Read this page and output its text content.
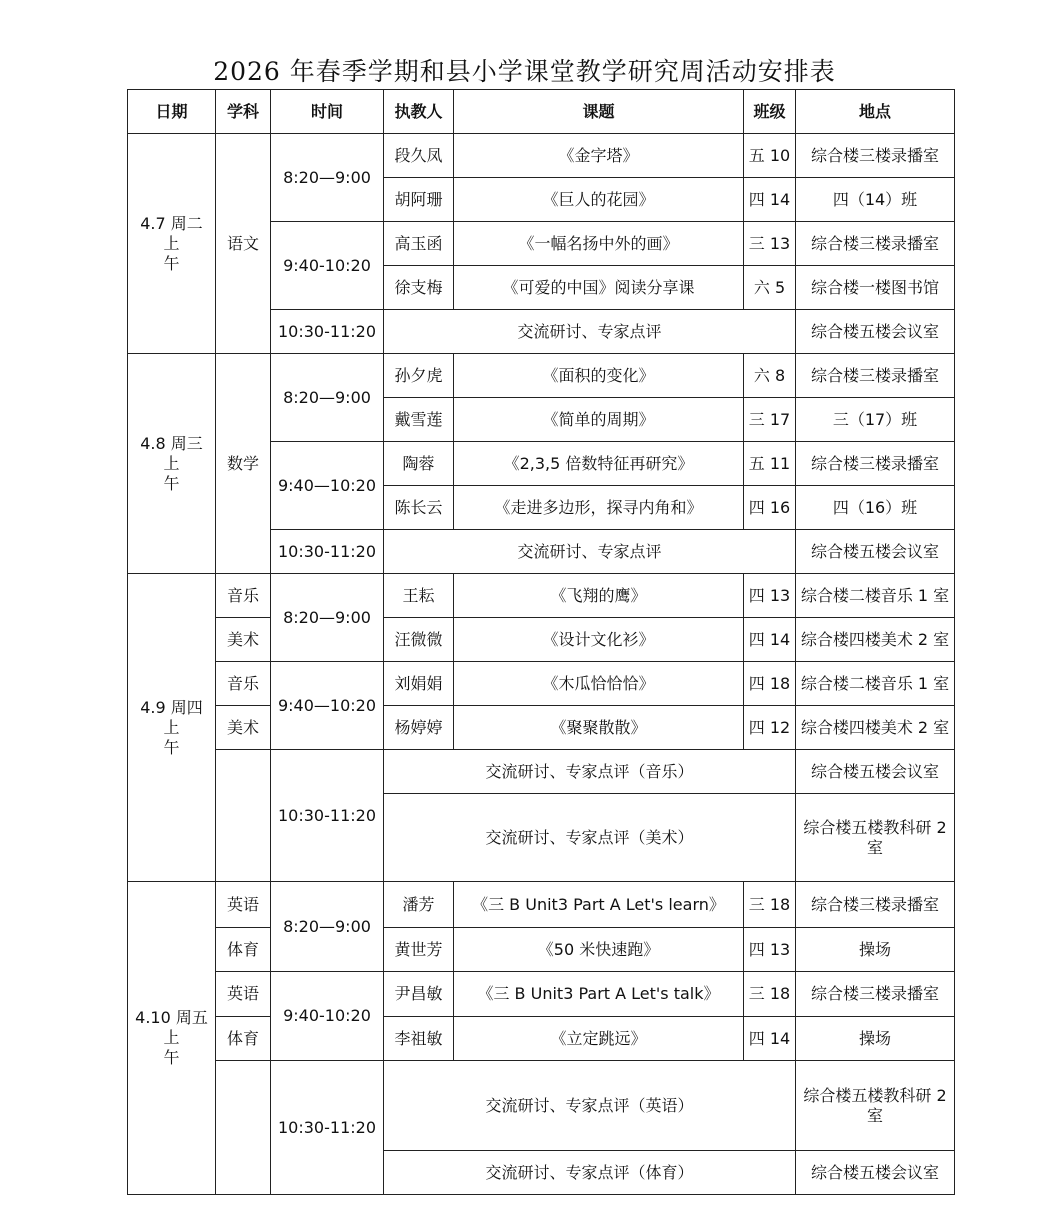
2026 年春季学期和县小学课堂教学研究周活动安排表
日期	学科	时间	执教人	课题	班级	地点

4.7 周二
上午	语文	8:20—9:00	段久凤	《金字塔》	五 10	综合楼三楼录播室
			胡阿珊	《巨人的花园》	四 14	四（14）班
		9:40-10:20	高玉函	《一幅名扬中外的画》	三 13	综合楼三楼录播室
			徐支梅	《可爱的中国》阅读分享课	六 5	综合楼一楼图书馆
		10:30-11:20	交流研讨、专家点评			综合楼五楼会议室

4.8 周三
上午	数学	8:20—9:00	孙夕虎	《面积的变化》	六 8	综合楼三楼录播室
			戴雪莲	《简单的周期》	三 17	三（17）班
		9:40—10:20	陶蓉	《2,3,5 倍数特征再研究》	五 11	综合楼三楼录播室
			陈长云	《走进多边形，探寻内角和》	四 16	四（16）班
		10:30-11:20	交流研讨、专家点评			综合楼五楼会议室

4.9 周四
上午	音乐	8:20—9:00	王耘	《飞翔的鹰》	四 13	综合楼二楼音乐 1 室
	美术		汪微微	《设计文化衫》	四 14	综合楼四楼美术 2 室
	音乐	9:40—10:20	刘娟娟	《木瓜恰恰恰》	四 18	综合楼二楼音乐 1 室
	美术		杨婷婷	《聚聚散散》	四 12	综合楼四楼美术 2 室
		10:30-11:20	交流研讨、专家点评（音乐）			综合楼五楼会议室
			交流研讨、专家点评（美术）			综合楼五楼教科研 2 室

4.10 周五
上午	英语	8:20—9:00	潘芳	《三 B Unit3 Part A Let's learn》	三 18	综合楼三楼录播室
	体育		黄世芳	《50 米快速跑》	四 13	操场
	英语	9:40-10:20	尹昌敏	《三 B Unit3 Part A Let's talk》	三 18	综合楼三楼录播室
	体育		李祖敏	《立定跳远》	四 14	操场
		10:30-11:20	交流研讨、专家点评（英语）			综合楼五楼教科研 2 室
			交流研讨、专家点评（体育）			综合楼五楼会议室
